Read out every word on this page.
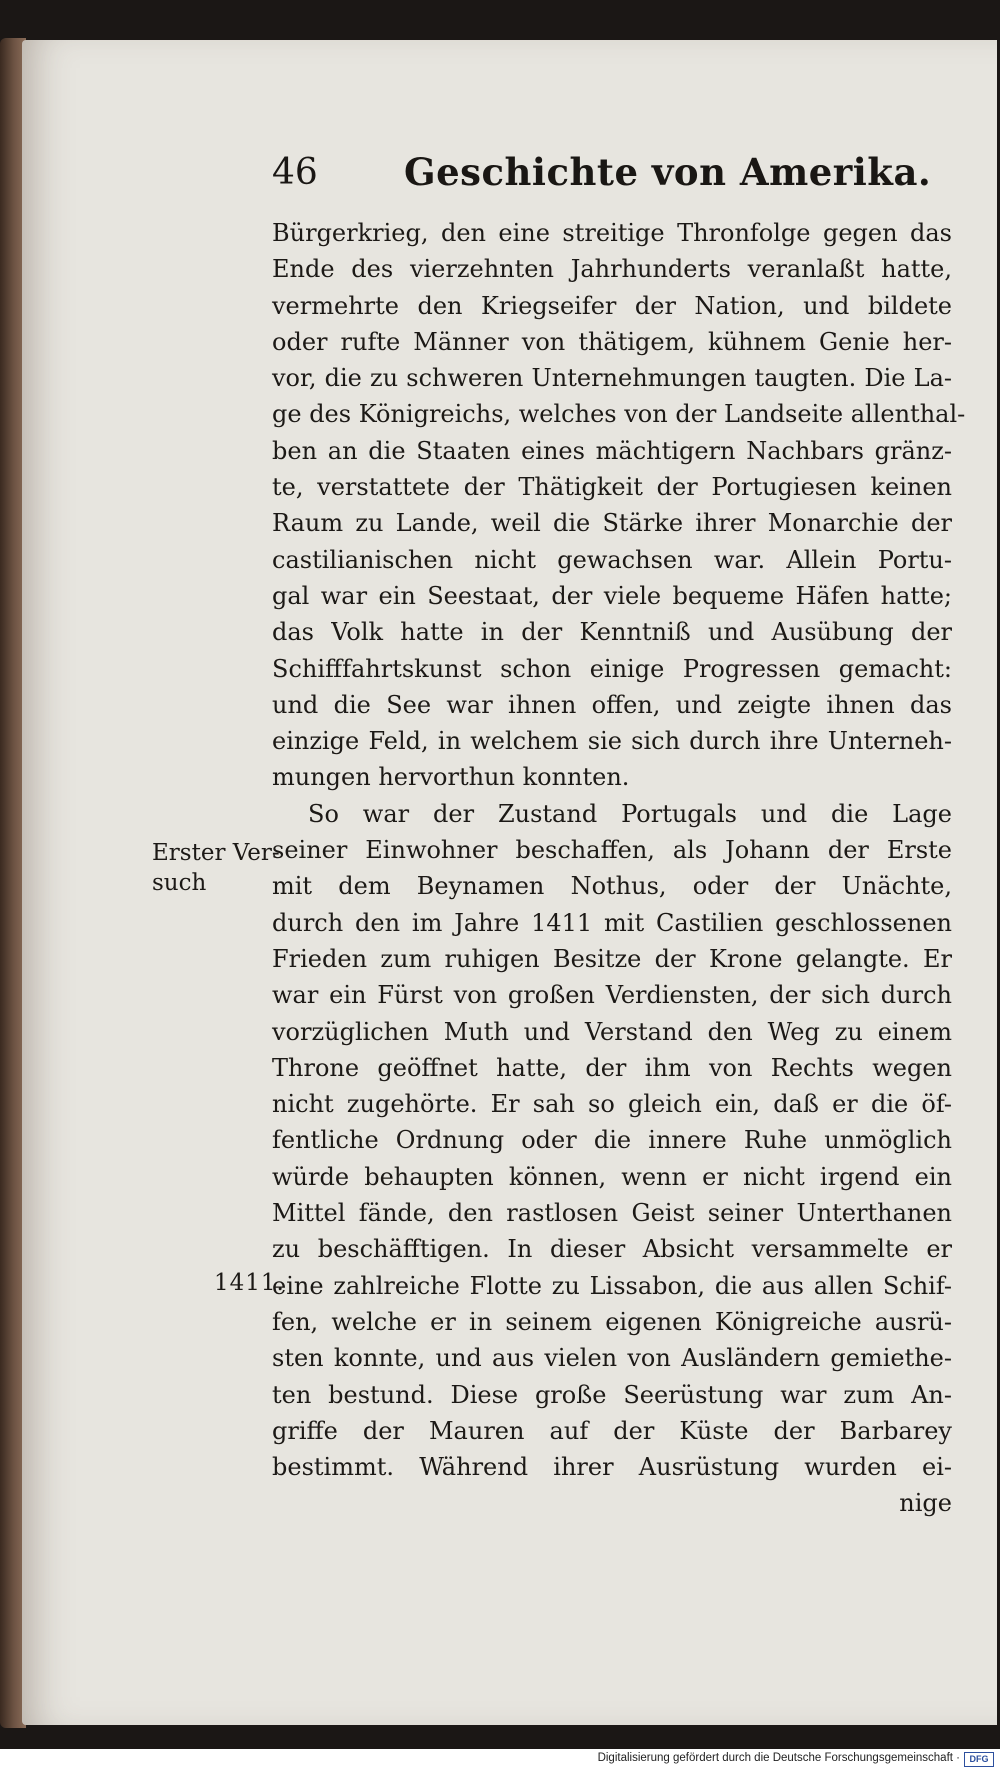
46 Geschichte von Amerika.
Erster Ver-
such
1411.
Bürgerkrieg, den eine streitige Thronfolge gegen das
Ende des vierzehnten Jahrhunderts veranlaßt hatte,
vermehrte den Kriegseifer der Nation, und bildete
oder rufte Männer von thätigem, kühnem Genie her-
vor, die zu schweren Unternehmungen taugten. Die La-
ge des Königreichs, welches von der Landseite allenthal-
ben an die Staaten eines mächtigern Nachbars gränz-
te, verstattete der Thätigkeit der Portugiesen keinen
Raum zu Lande, weil die Stärke ihrer Monarchie der
castilianischen nicht gewachsen war. Allein Portu-
gal war ein Seestaat, der viele bequeme Häfen hatte;
das Volk hatte in der Kenntniß und Ausübung der
Schifffahrtskunst schon einige Progressen gemacht:
und die See war ihnen offen, und zeigte ihnen das
einzige Feld, in welchem sie sich durch ihre Unterneh-
mungen hervorthun konnten.
So war der Zustand Portugals und die Lage
seiner Einwohner beschaffen, als Johann der Erste
mit dem Beynamen Nothus, oder der Unächte,
durch den im Jahre 1411 mit Castilien geschlossenen
Frieden zum ruhigen Besitze der Krone gelangte. Er
war ein Fürst von großen Verdiensten, der sich durch
vorzüglichen Muth und Verstand den Weg zu einem
Throne geöffnet hatte, der ihm von Rechts wegen
nicht zugehörte. Er sah so gleich ein, daß er die öf-
fentliche Ordnung oder die innere Ruhe unmöglich
würde behaupten können, wenn er nicht irgend ein
Mittel fände, den rastlosen Geist seiner Unterthanen
zu beschäfftigen. In dieser Absicht versammelte er
eine zahlreiche Flotte zu Lissabon, die aus allen Schif-
fen, welche er in seinem eigenen Königreiche ausrü-
sten konnte, und aus vielen von Ausländern gemiethe-
ten bestund. Diese große Seerüstung war zum An-
griffe der Mauren auf der Küste der Barbarey
bestimmt. Während ihrer Ausrüstung wurden ei-
nige
Digitalisierung gefördert durch die Deutsche Forschungsgemeinschaft ·	DFG
